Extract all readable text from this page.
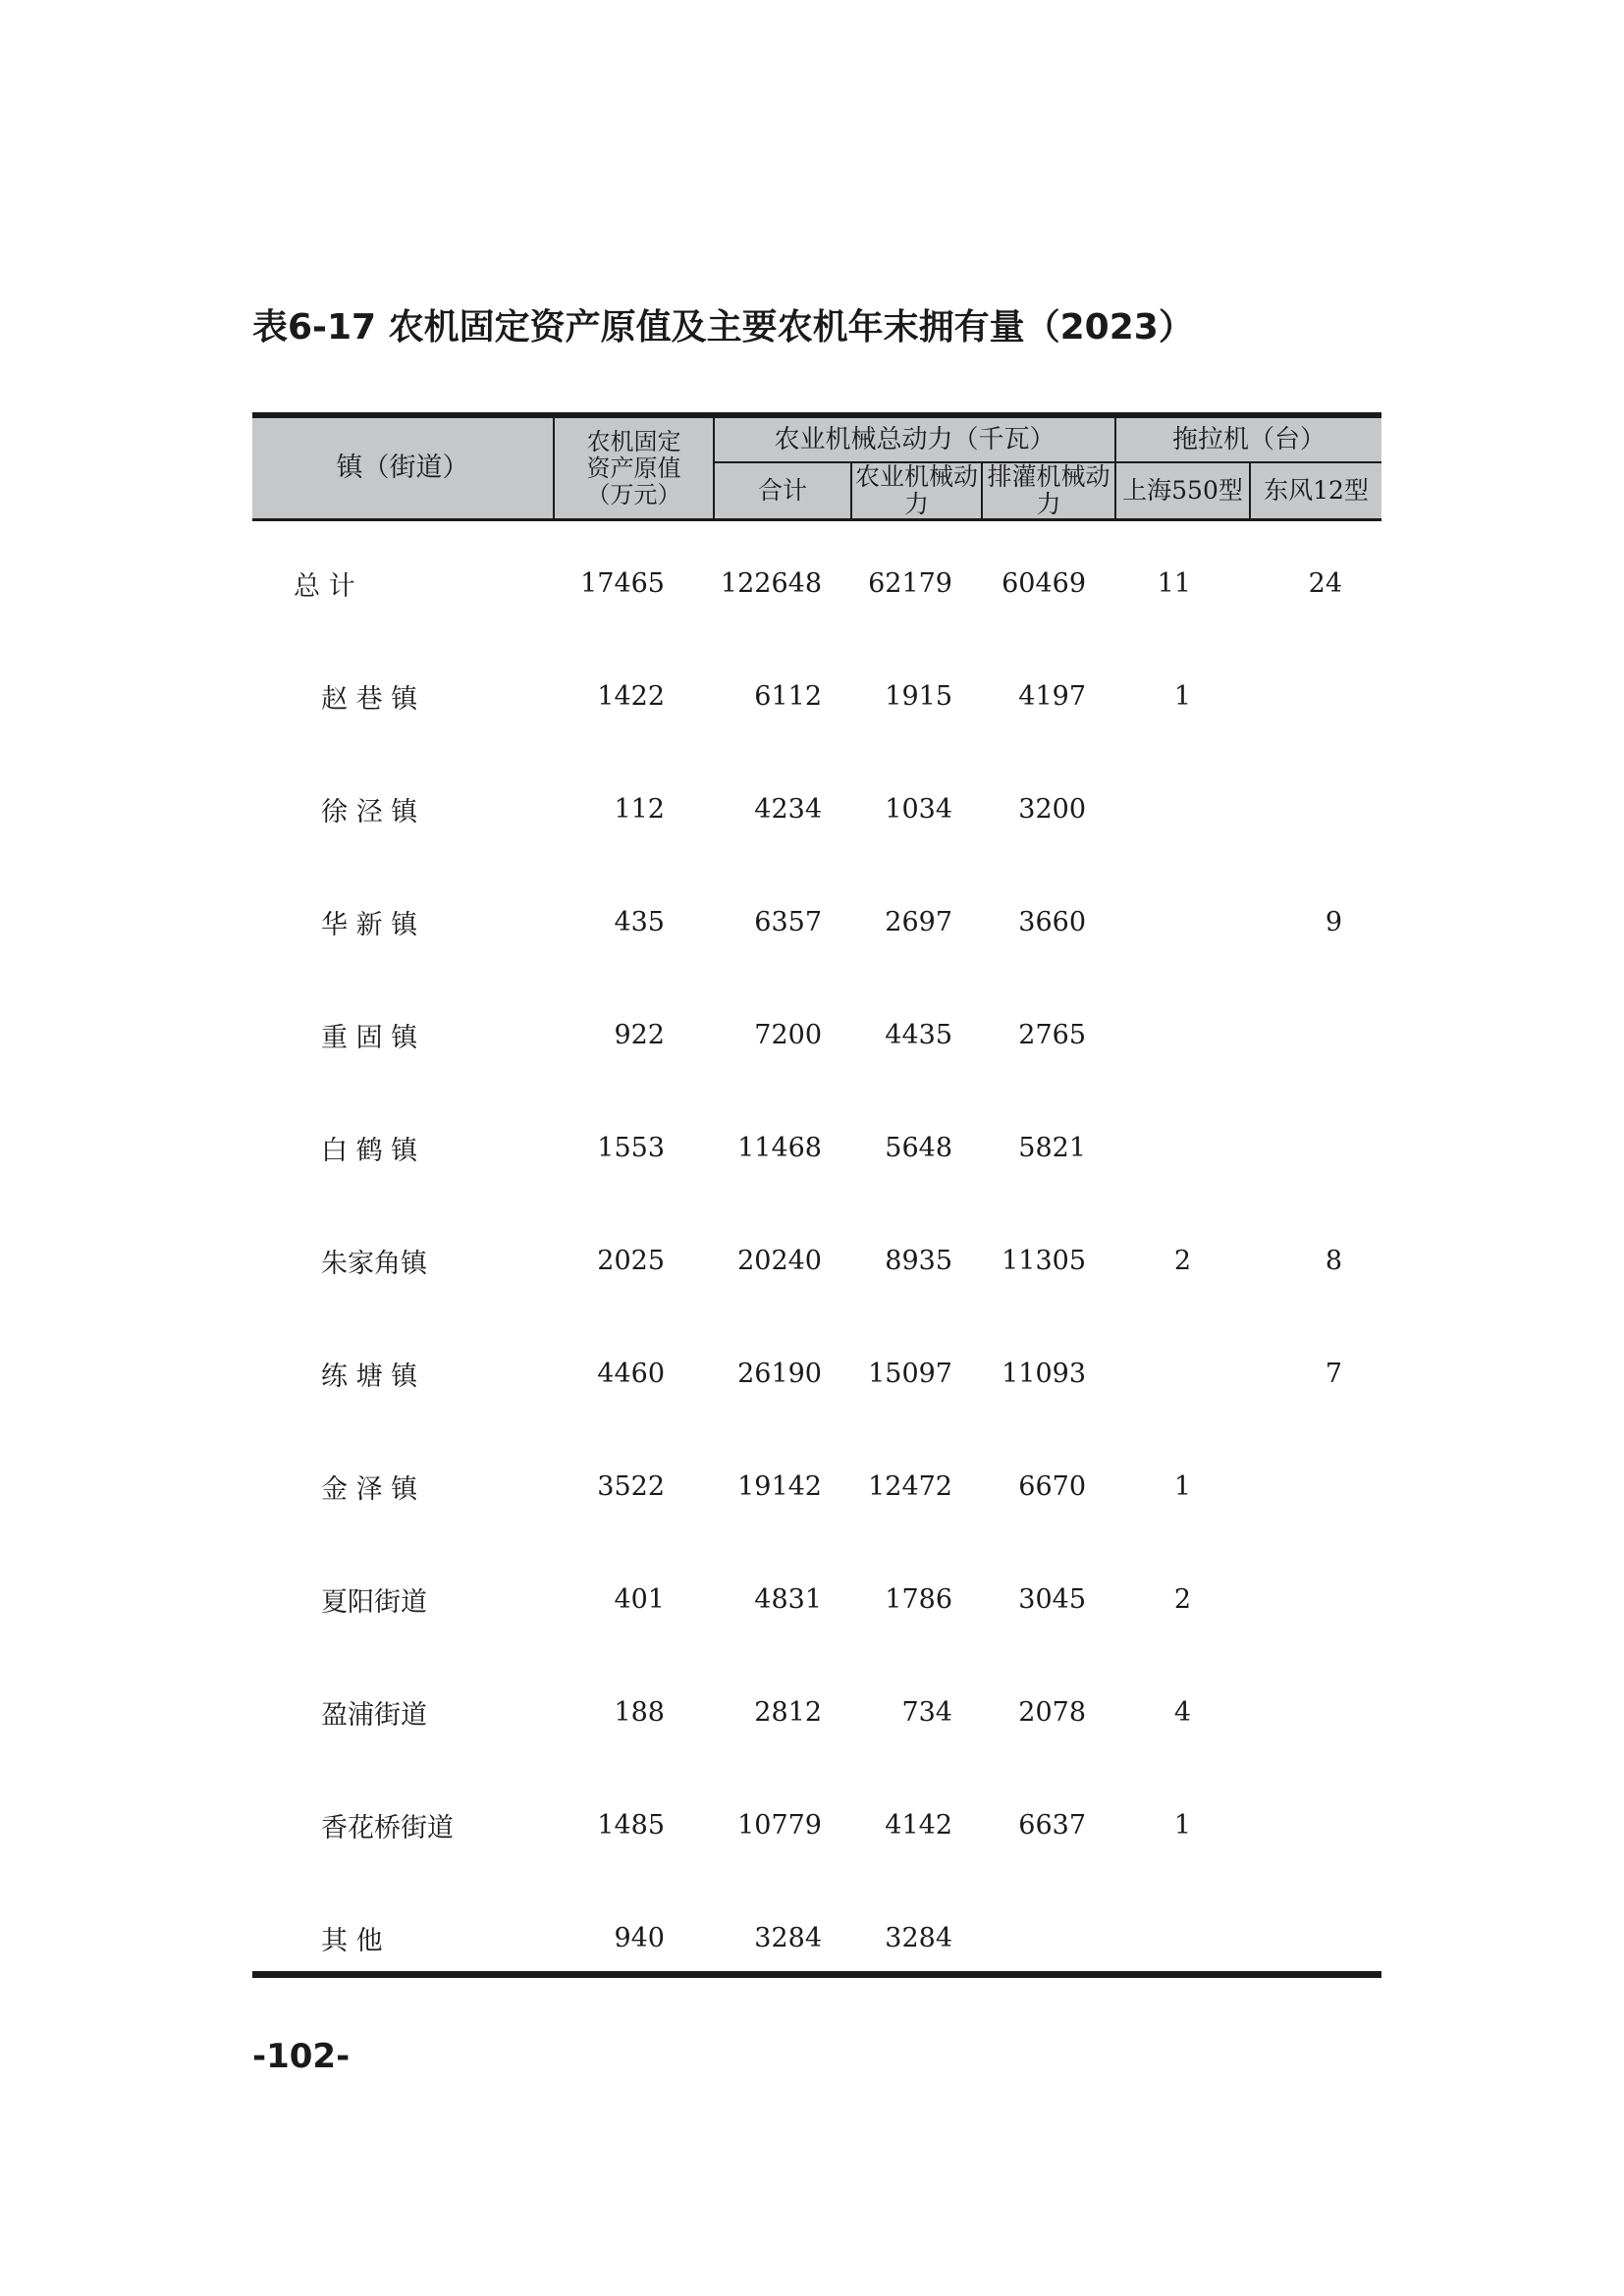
表6-17 农机固定资产原值及主要农机年末拥有量（2023）
镇（街道）	农机固定
资产原值
（万元）	农业机械总动力（千瓦）			拖拉机（台）	
		合计	农业机械动力	排灌机械动力	上海550型	东风12型
总 计	17465	122648	62179	60469	11	24
赵 巷 镇	1422	6112	1915	4197	1	
徐 泾 镇	112	4234	1034	3200		
华 新 镇	435	6357	2697	3660		9
重 固 镇	922	7200	4435	2765		
白 鹤 镇	1553	11468	5648	5821		
朱家角镇	2025	20240	8935	11305	2	8
练 塘 镇	4460	26190	15097	11093		7
金 泽 镇	3522	19142	12472	6670	1	
夏阳街道	401	4831	1786	3045	2	
盈浦街道	188	2812	734	2078	4	
香花桥街道	1485	10779	4142	6637	1	
其 他	940	3284	3284			
-102-
